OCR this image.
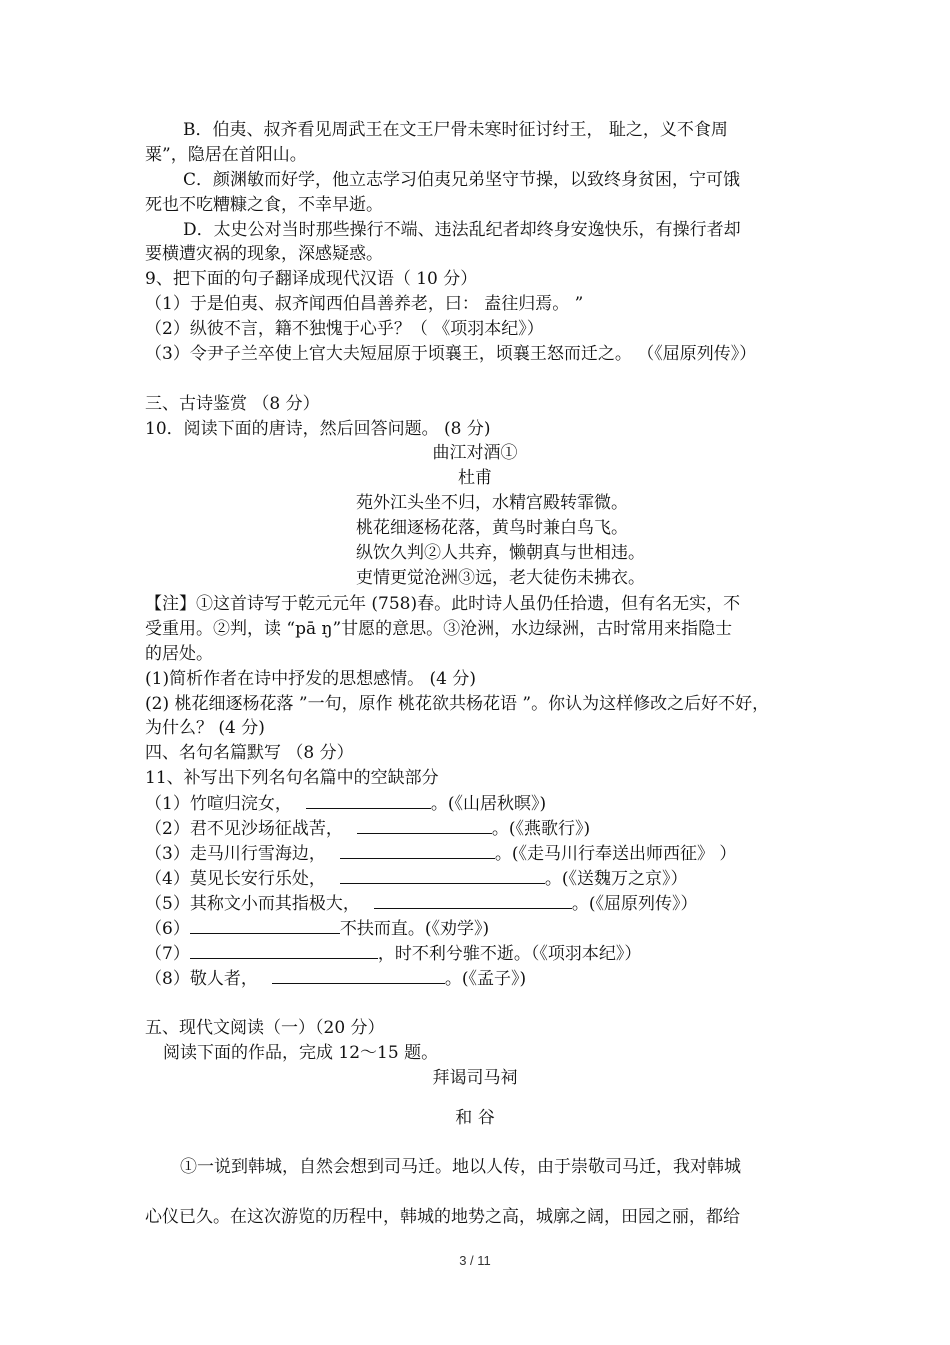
B．伯夷、叔齐看见周武王在文王尸骨未寒时征讨纣王， 耻之，义不食周
粟”，隐居在首阳山。
C．颜渊敏而好学，他立志学习伯夷兄弟坚守节操，以致终身贫困，宁可饿
死也不吃糟糠之食，不幸早逝。
D．太史公对当时那些操行不端、违法乱纪者却终身安逸快乐，有操行者却
要横遭灾祸的现象，深感疑惑。
9、把下面的句子翻译成现代汉语（ 10 分）
（1）于是伯夷、叔齐闻西伯昌善养老，曰： 盍往归焉。 ”
（2）纵彼不言，籍不独愧于心乎？（ 《项羽本纪》）
（3）令尹子兰卒使上官大夫短屈原于顷襄王，顷襄王怒而迁之。 （《屈原列传》）
三、古诗鉴赏 （8 分）
10．阅读下面的唐诗，然后回答问题。 (8 分)
曲江对酒①
杜甫
苑外江头坐不归，水精宫殿转霏微。
桃花细逐杨花落，黄鸟时兼白鸟飞。
纵饮久判②人共弃，懒朝真与世相违。
吏情更觉沧洲③远，老大徒伤未拂衣。
【注】①这首诗写于乾元元年 (758)春。此时诗人虽仍任拾遗，但有名无实，不
受重用。②判，读 “pā ŋ”甘愿的意思。③沧洲，水边绿洲，古时常用来指隐士
的居处。
(1)简析作者在诗中抒发的思想感情。 (4 分)
(2) 桃花细逐杨花落 ”一句，原作 桃花欲共杨花语 ”。你认为这样修改之后好不好，
为什么？ (4 分)
四、名句名篇默写 （8 分）
11、补写出下列名句名篇中的空缺部分
（1）竹喧归浣女，	。(《山居秋暝》)
（2）君不见沙场征战苦，	。(《燕歌行》)
（3）走马川行雪海边，	。(《走马川行奉送出师西征》 ）
（4）莫见长安行乐处，	。(《送魏万之京》）
（5）其称文小而其指极大，	。(《屈原列传》）
（6）	不扶而直。(《劝学》)
（7）	，时不利兮骓不逝。（《项羽本纪》）
（8）敬人者，	。(《孟子》)
五、现代文阅读（一）（20 分）
阅读下面的作品，完成 12～15 题。
拜谒司马祠
和 谷
①一说到韩城，自然会想到司马迁。地以人传，由于崇敬司马迁，我对韩城
心仪已久。在这次游览的历程中，韩城的地势之高，城廓之阔，田园之丽，都给
3 / 11
